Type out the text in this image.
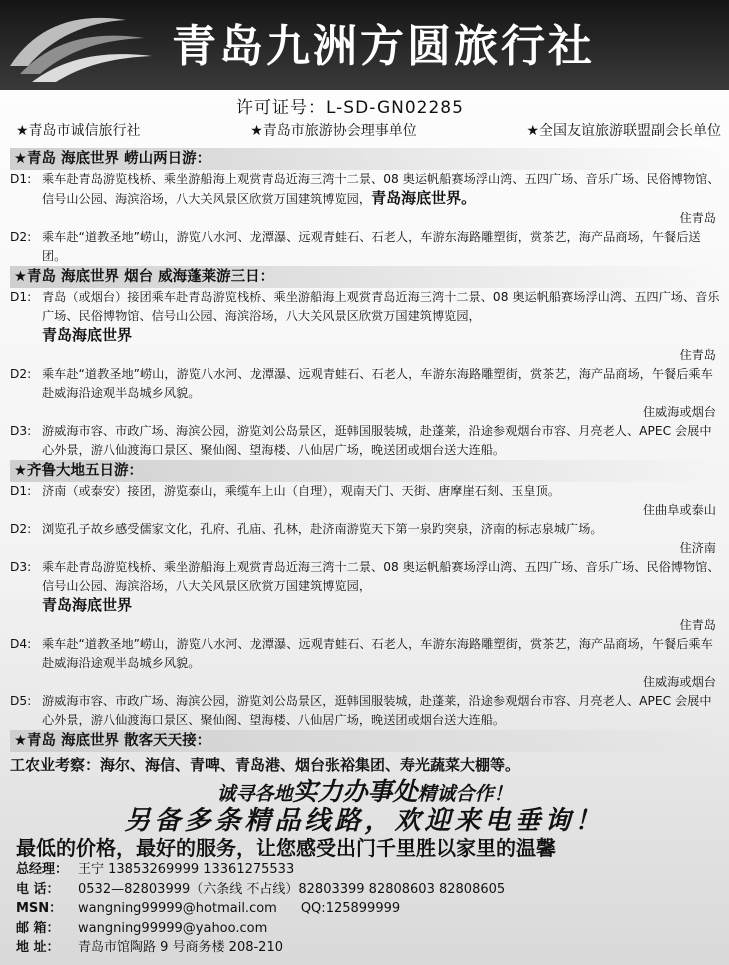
青岛九洲方圆旅行社
许可证号：L-SD-GN02285
★青岛市诚信旅行社	★青岛市旅游协会理事单位	★全国友谊旅游联盟副会长单位
★青岛 海底世界 崂山两日游：
D1: 乘车赴青岛游览栈桥、乘坐游船海上观赏青岛近海三湾十二景、08 奥运帆船赛场浮山湾、五四广场、音乐广场、民俗博物馆、信号山公园、海滨浴场，八大关风景区欣赏万国建筑博览园，青岛海底世界。
住青岛
D2: 乘车赴“道教圣地”崂山，游览八水河、龙潭瀑、远观青蛙石、石老人，车游东海路雕塑街，赏茶艺，海产品商场，午餐后送团。
★青岛 海底世界 烟台 威海蓬莱游三日：
D1: 青岛（或烟台）接团乘车赴青岛游览栈桥、乘坐游船海上观赏青岛近海三湾十二景、08 奥运帆船赛场浮山湾、五四广场、音乐广场、民俗博物馆、信号山公园、海滨浴场，八大关风景区欣赏万国建筑博览园，
青岛海底世界
住青岛
D2: 乘车赴“道教圣地”崂山，游览八水河、龙潭瀑、远观青蛙石、石老人，车游东海路雕塑街，赏茶艺，海产品商场，午餐后乘车赴威海沿途观半岛城乡风貌。
住威海或烟台
D3: 游威海市容、市政广场、海滨公园，游览刘公岛景区，逛韩国服装城，赴蓬莱，沿途参观烟台市容、月亮老人、APEC 会展中心外景，游八仙渡海口景区、聚仙阁、望海楼、八仙居广场，晚送团或烟台送大连船。
★齐鲁大地五日游：
D1: 济南（或泰安）接团，游览泰山，乘缆车上山（自理），观南天门、天街、唐摩崖石刻、玉皇顶。
住曲阜或泰山
D2: 浏览孔子故乡感受儒家文化，孔府、孔庙、孔林，赴济南游览天下第一泉趵突泉，济南的标志泉城广场。
住济南
D3: 乘车赴青岛游览栈桥、乘坐游船海上观赏青岛近海三湾十二景、08 奥运帆船赛场浮山湾、五四广场、音乐广场、民俗博物馆、信号山公园、海滨浴场，八大关风景区欣赏万国建筑博览园，
青岛海底世界
住青岛
D4: 乘车赴“道教圣地”崂山，游览八水河、龙潭瀑、远观青蛙石、石老人，车游东海路雕塑街，赏茶艺，海产品商场，午餐后乘车赴威海沿途观半岛城乡风貌。
住威海或烟台
D5: 游威海市容、市政广场、海滨公园，游览刘公岛景区，逛韩国服装城，赴蓬莱，沿途参观烟台市容、月亮老人、APEC 会展中心外景，游八仙渡海口景区、聚仙阁、望海楼、八仙居广场，晚送团或烟台送大连船。
★青岛 海底世界 散客天天接：
工农业考察：海尔、海信、青啤、青岛港、烟台张裕集团、寿光蔬菜大棚等。
诚寻各地实力办事处精诚合作！
另备多条精品线路，欢迎来电垂询！
最低的价格，最好的服务，让您感受出门千里胜以家里的温馨
总经理： 王宁 13853269999 13361275533
电 话： 0532—82803999（六条线 不占线）82803399 82808603 82808605
MSN： wangning99999@hotmail.com QQ:125899999
邮 箱： wangning99999@yahoo.com
地 址： 青岛市馆陶路 9 号商务楼 208-210
